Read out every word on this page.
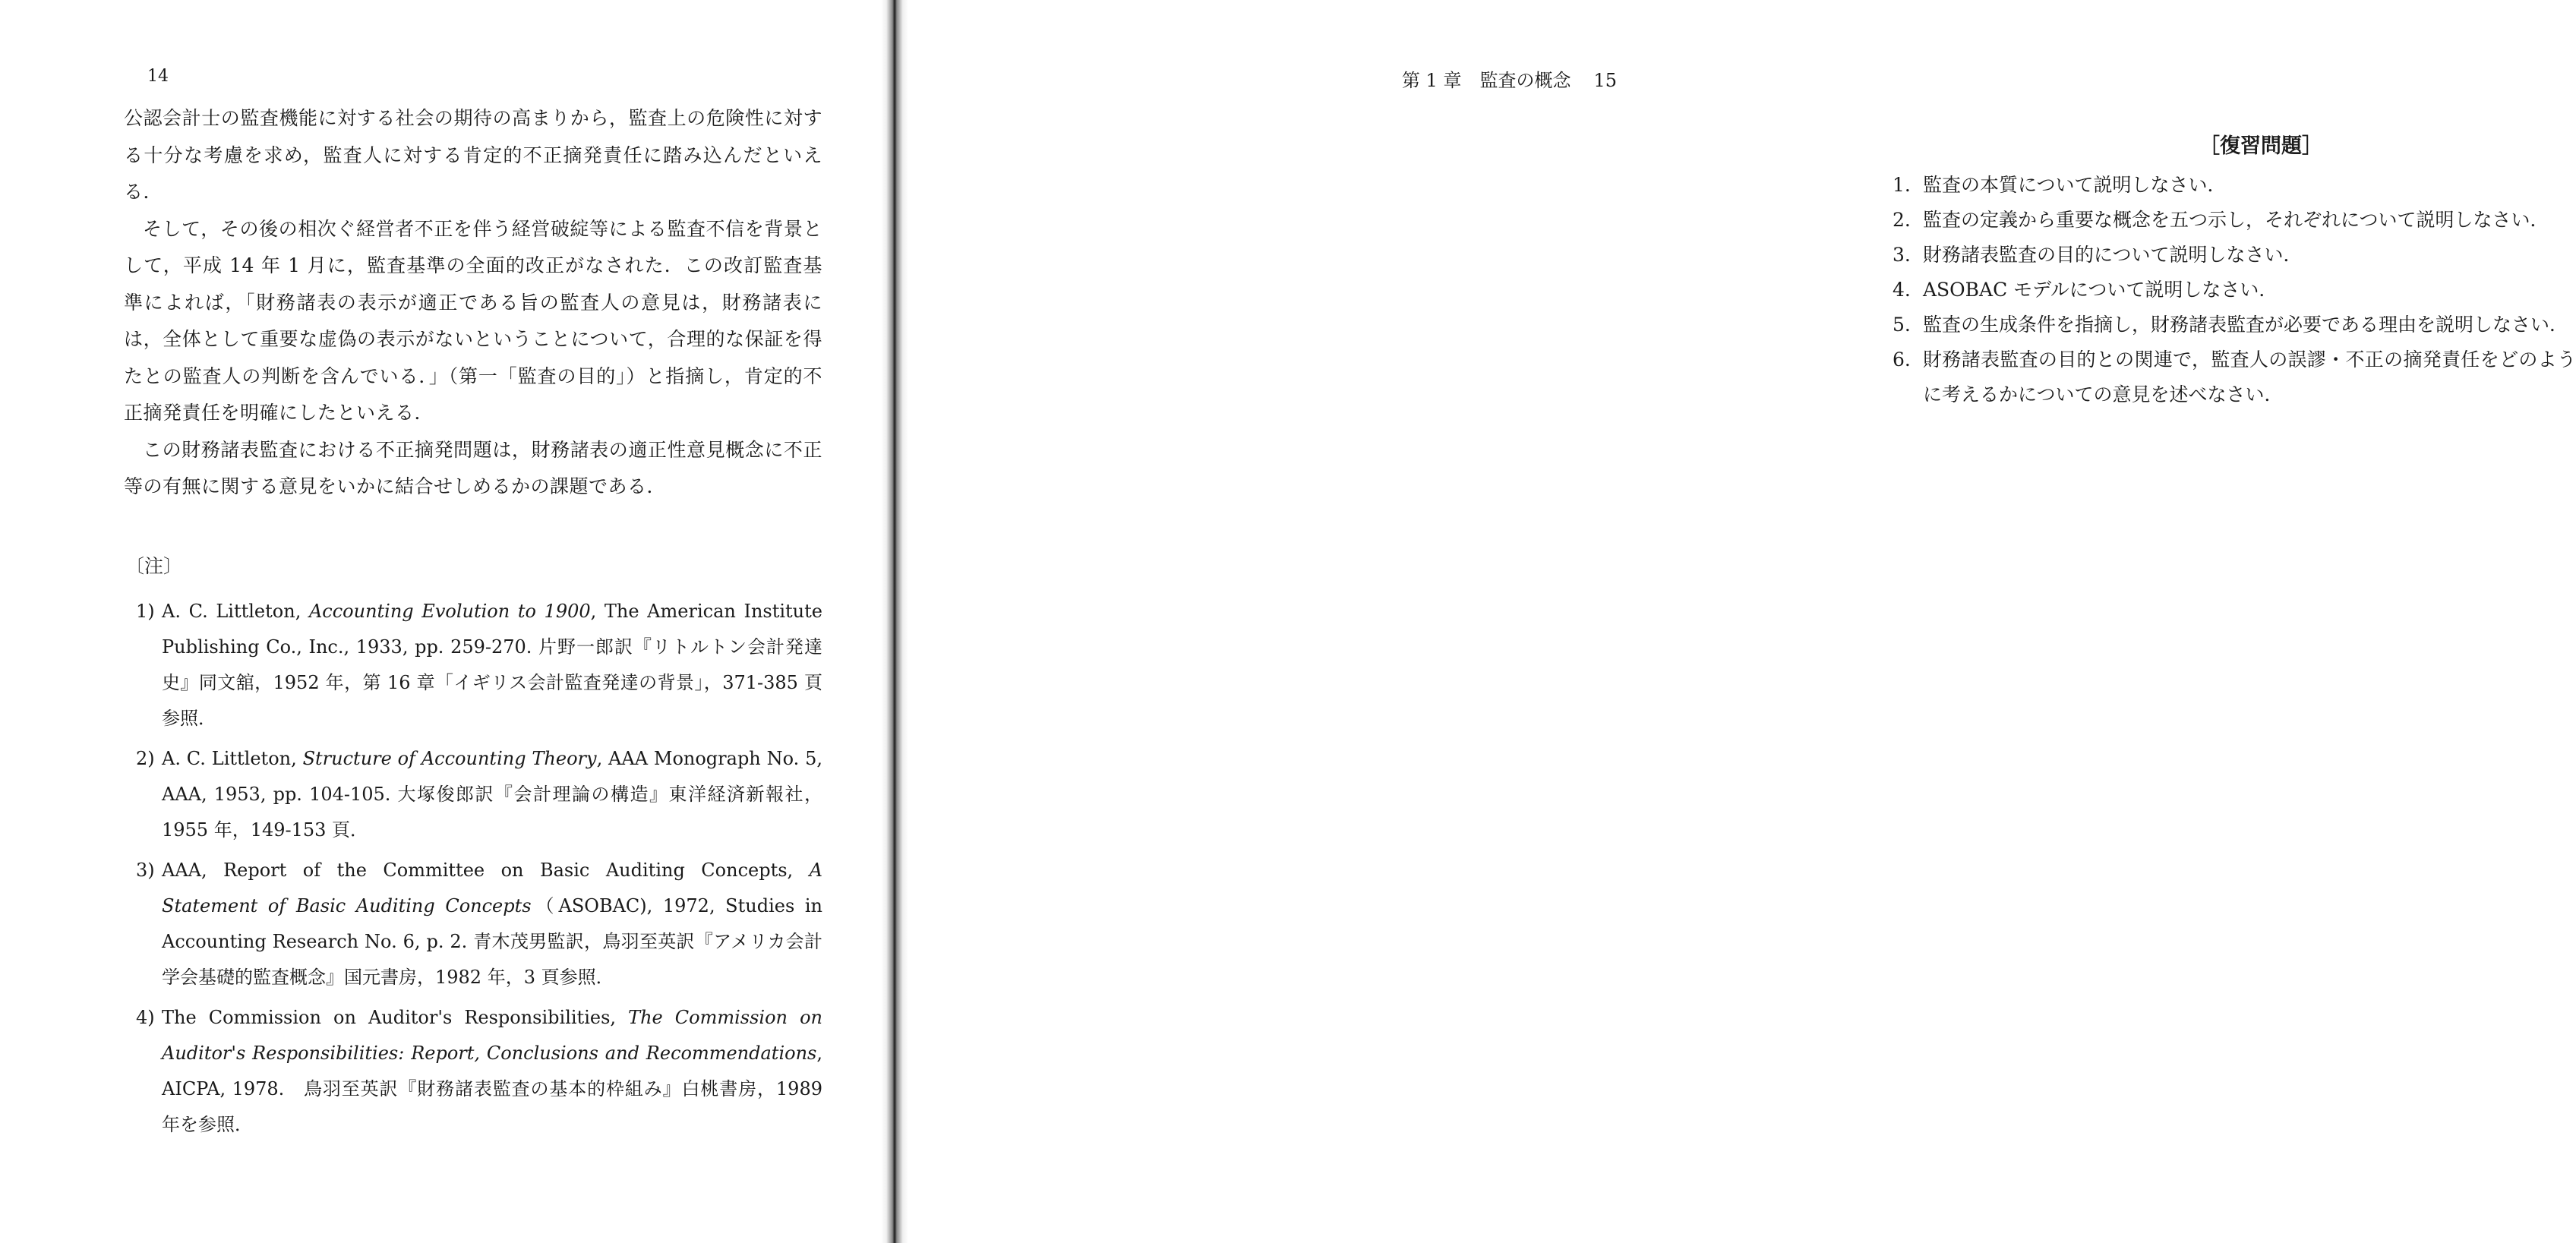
14

公認会計士の監査機能に対する社会の期待の高まりから，監査上の危険性に対する十分な考慮を求め，監査人に対する肯定的不正摘発責任に踏み込んだといえる．

そして，その後の相次ぐ経営者不正を伴う経営破綻等による監査不信を背景として，平成 14 年 1 月に，監査基準の全面的改正がなされた．この改訂監査基準によれば，「財務諸表の表示が適正である旨の監査人の意見は，財務諸表には，全体として重要な虚偽の表示がないということについて，合理的な保証を得たとの監査人の判断を含んでいる．」（第一「監査の目的」）と指摘し，肯定的不正摘発責任を明確にしたといえる．

この財務諸表監査における不正摘発問題は，財務諸表の適正性意見概念に不正等の有無に関する意見をいかに結合せしめるかの課題である．

〔注〕
1) A. C. Littleton, Accounting Evolution to 1900, The American Institute Publishing Co., Inc., 1933, pp. 259-270. 片野一郎訳『リトルトン会計発達史』同文舘，1952 年，第 16 章「イギリス会計監査発達の背景」，371-385 頁参照．
2) A. C. Littleton, Structure of Accounting Theory, AAA Monograph No. 5, AAA, 1953, pp. 104-105. 大塚俊郎訳『会計理論の構造』東洋経済新報社，1955 年，149-153 頁．
3) AAA, Report of the Committee on Basic Auditing Concepts, A Statement of Basic Auditing Concepts（ASOBAC), 1972, Studies in Accounting Research No. 6, p. 2. 青木茂男監訳，鳥羽至英訳『アメリカ会計学会基礎的監査概念』国元書房，1982 年，3 頁参照．
4) The Commission on Auditor's Responsibilities, The Commission on Auditor's Responsibilities: Report, Conclusions and Recommendations, AICPA, 1978.　鳥羽至英訳『財務諸表監査の基本的枠組み』白桃書房，1989 年を参照．
第 1 章　監査の概念 15
［復習問題］
1. 監査の本質について説明しなさい．
2. 監査の定義から重要な概念を五つ示し，それぞれについて説明しなさい．
3. 財務諸表監査の目的について説明しなさい．
4. ASOBAC モデルについて説明しなさい．
5. 監査の生成条件を指摘し，財務諸表監査が必要である理由を説明しなさい．
6. 財務諸表監査の目的との関連で，監査人の誤謬・不正の摘発責任をどのように考えるかについての意見を述べなさい．
